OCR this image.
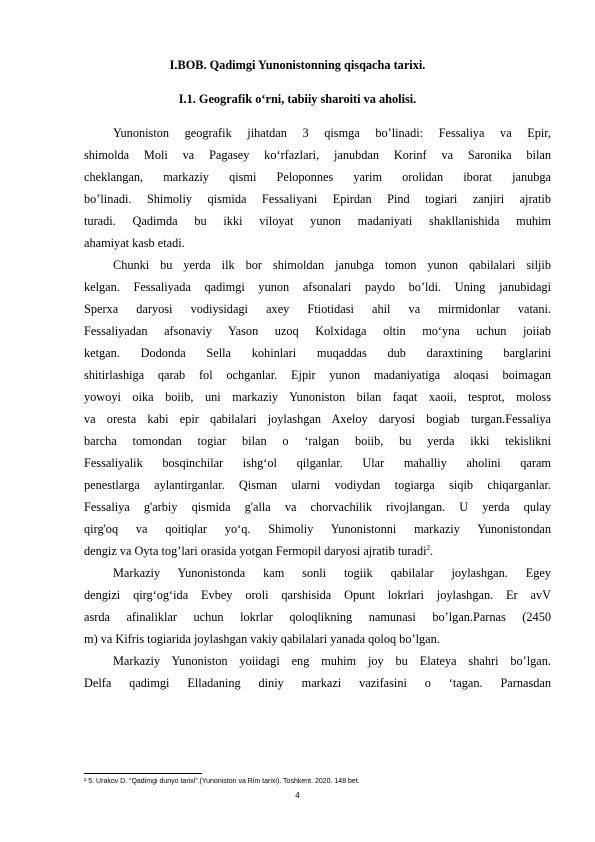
I.BOB. Qadimgi Yunonistonning qisqacha tarixi.
I.1. Geografik o‘rni, tabiiy sharoiti va aholisi.
Yunoniston geografik jihatdan 3 qismga bo’linadi: Fessaliya va Epir,
shimolda Moli va Pagasey ko‘rfazlari, janubdan Korinf va Saronika bilan
cheklangan, markaziy qismi Peloponnes yarim orolidan iborat janubga
bo’linadi. Shimoliy qismida Fessaliyani Epirdan Pind togiari zanjiri ajratib
turadi. Qadimda bu ikki viloyat yunon madaniyati shakllanishida muhim
ahamiyat kasb etadi.
Chunki bu yerda ilk bor shimoldan janubga tomon yunon qabilalari siljib
kelgan. Fessaliyada qadimgi yunon afsonalari paydo bo’ldi. Uning janubidagi
Sperxa daryosi vodiysidagi axey Ftiotidasi ahil va mirmidonlar vatani.
Fessaliyadan afsonaviy Yason uzoq Kolxidaga oltin mo‘yna uchun joiiab
ketgan. Dodonda Sella kohinlari muqaddas dub daraxtining barglarini
shitirlashiga qarab fol ochganlar. Ejpir yunon madaniyatiga aloqasi boimagan
yowoyi oika boiib, uni markaziy Yunoniston bilan faqat xaoii, tesprot, moloss
va oresta kabi epir qabilalari joylashgan Axeloy daryosi bogiab turgan.Fessaliya
barcha tomondan togiar bilan o ‘ralgan boiib, bu yerda ikki tekislikni
Fessaliyalik bosqinchilar ishg‘ol qilganlar. Ular mahalliy aholini qaram
penestlarga aylantirganlar. Qisman ularni vodiydan togiarga siqib chiqarganlar.
Fessaliya g'arbiy qismida g'alla va chorvachilik rivojlangan. U yerda qulay
qirg'oq va qoitiqlar yo‘q. Shimoliy Yunonistonni markaziy Yunonistondan
dengiz va Oyta tog’lari orasida yotgan Fermopil daryosi ajratib turadi$^2$.
Markaziy Yunonistonda kam sonli togiik qabilalar joylashgan. Egey
dengizi qirg‘og‘ida Evbey oroli qarshisida Opunt lokrlari joylashgan. Er avV
asrda afinaliklar uchun lokrlar qoloqlikning namunasi bo’lgan.Parnas (2450
m) va Kifris togiarida joylashgan vakiy qabilalari yanada qoloq bo’lgan.
Markaziy Yunoniston yoiidagi eng muhim joy bu Elateya shahri bo’lgan.
Delfa qadimgi Elladaning diniy markazi vazifasini o ‘tagan. Parnasdan
² 5. Urakov D. “Qadimgi dunyo tarixi”.(Yunoniston va Rim tarixi). Toshkent. 2020. 148 bet.
4
